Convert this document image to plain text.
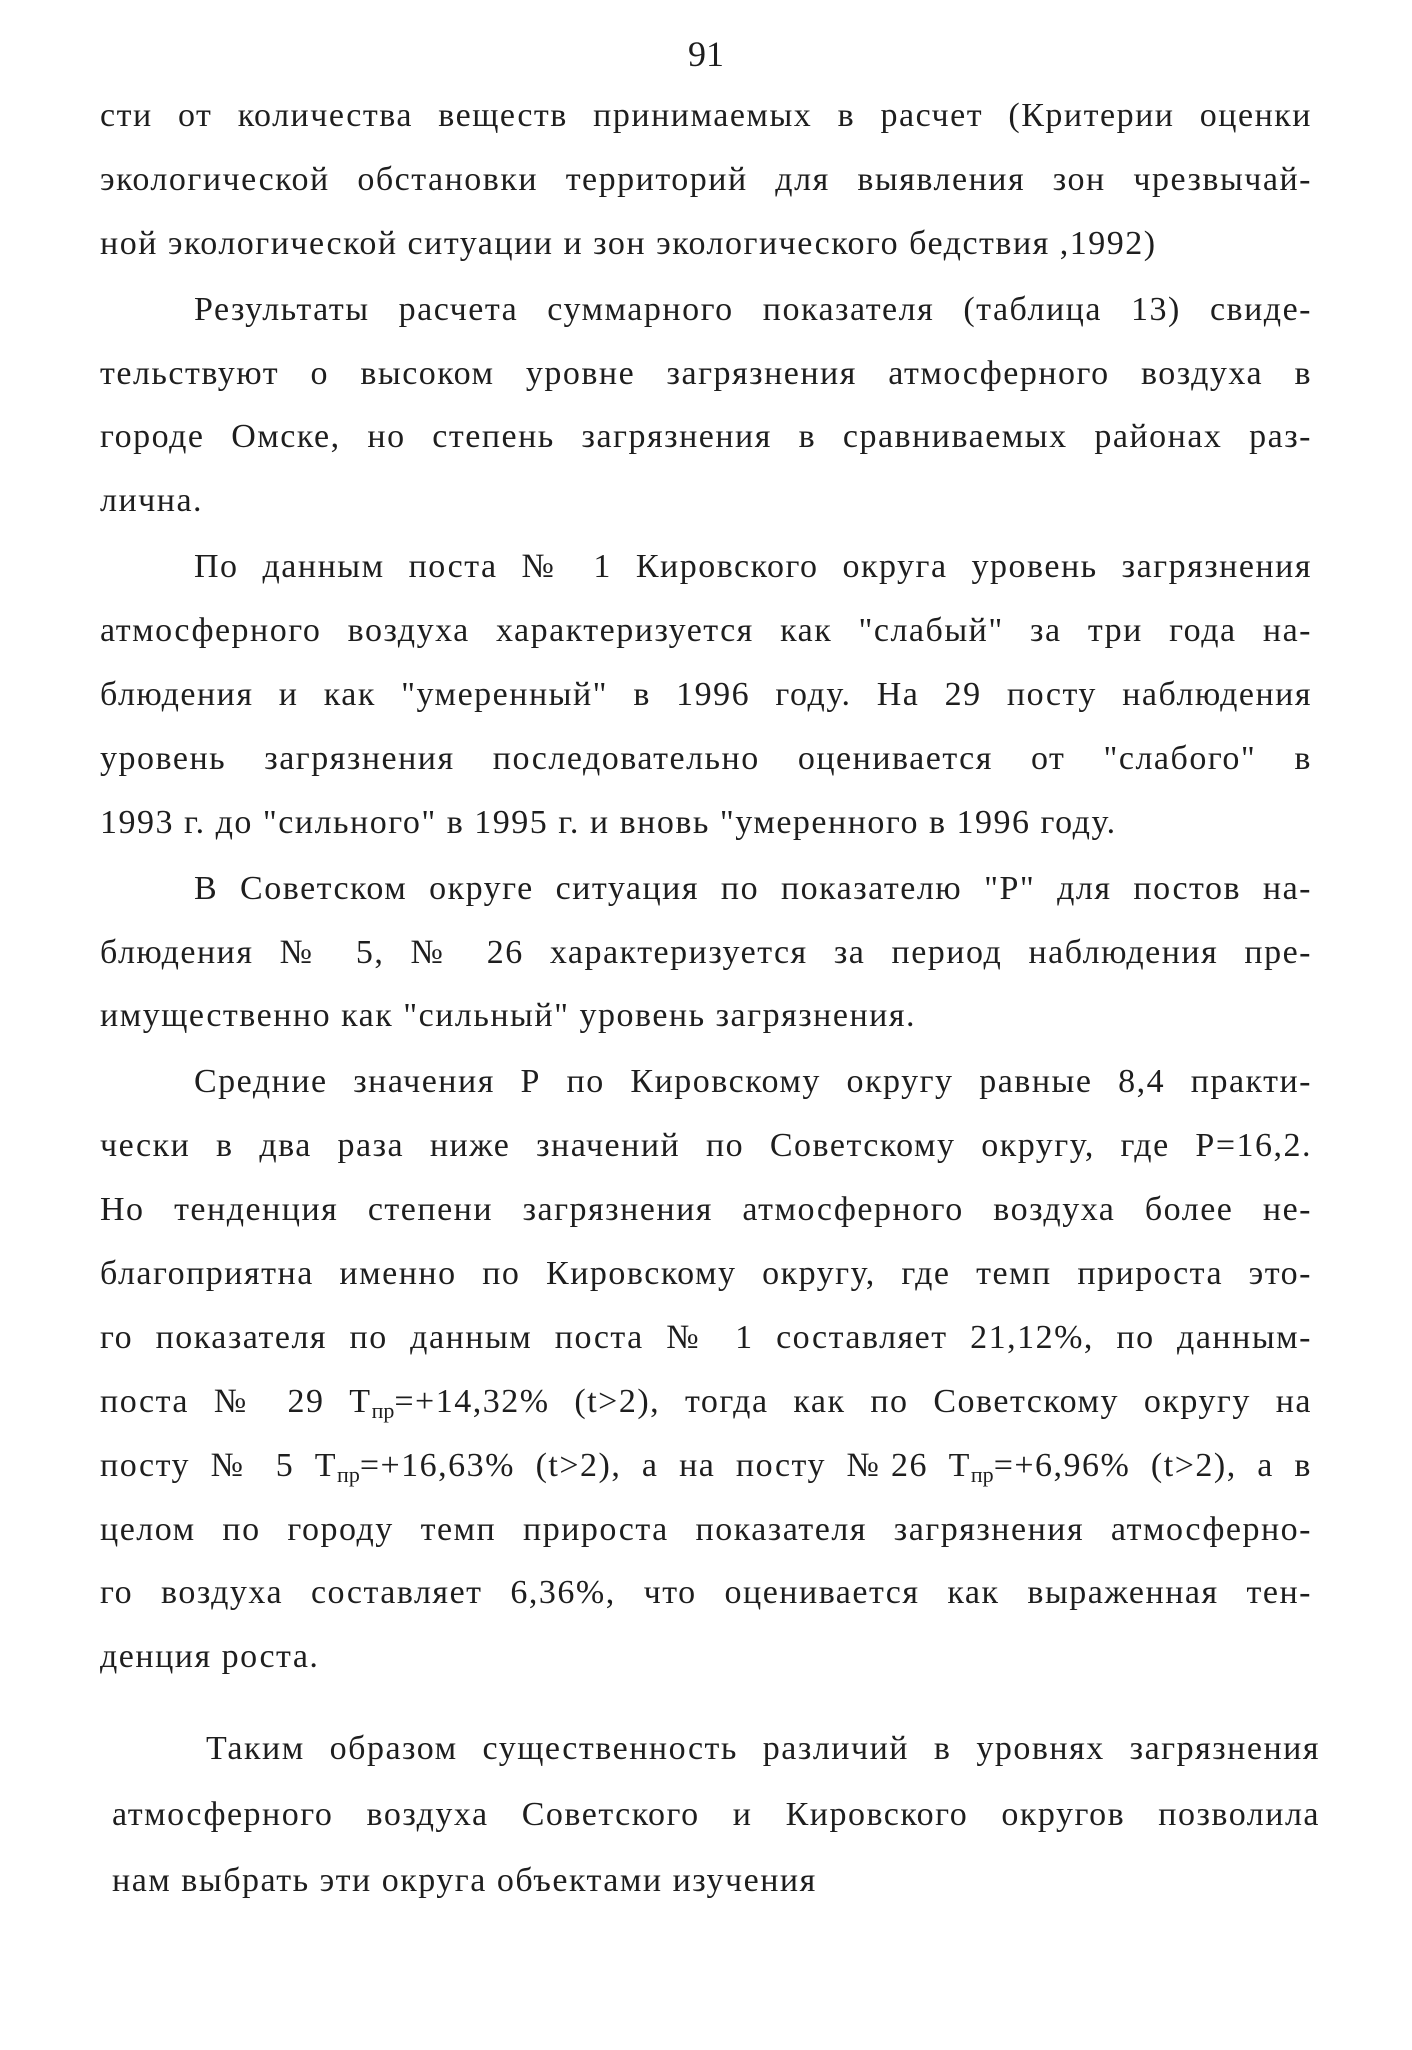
91
сти от количества веществ принимаемых в расчет (Критерии оценки
экологической обстановки территорий для выявления зон чрезвычай-
ной экологической ситуации и зон экологического бедствия ,1992)
Результаты расчета суммарного показателя (таблица 13) свиде-
тельствуют о высоком уровне загрязнения атмосферного воздуха в
городе Омске, но степень загрязнения в сравниваемых районах раз-
лична.
По данным поста № 1 Кировского округа уровень загрязнения
атмосферного воздуха характеризуется как "слабый" за три года на-
блюдения и как "умеренный" в 1996 году. На 29 посту наблюдения
уровень загрязнения последовательно оценивается от "слабого" в
1993 г. до "сильного" в 1995 г. и вновь "умеренного в 1996 году.
В Советском округе ситуация по показателю "Р" для постов на-
блюдения № 5, № 26 характеризуется за период наблюдения пре-
имущественно как "сильный" уровень загрязнения.
Средние значения Р по Кировскому округу равные 8,4 практи-
чески в два раза ниже значений по Советскому округу, где Р=16,2.
Но тенденция степени загрязнения атмосферного воздуха более не-
благоприятна именно по Кировскому округу, где темп прироста это-
го показателя по данным поста № 1 составляет 21,12%, по данным-
поста № 29 $Т_{пр}=+14,32\%$ (t>2), тогда как по Советскому округу на
посту № 5 $Т_{пр}=+16,63\%$ (t>2), а на посту №26 $Т_{пр}=+6,96\%$ (t>2), а в
целом по городу темп прироста показателя загрязнения атмосферно-
го воздуха составляет 6,36%, что оценивается как выраженная тен-
денция роста.
Таким образом существенность различий в уровнях загрязнения
атмосферного воздуха Советского и Кировского округов позволила
нам выбрать эти округа объектами изучения
